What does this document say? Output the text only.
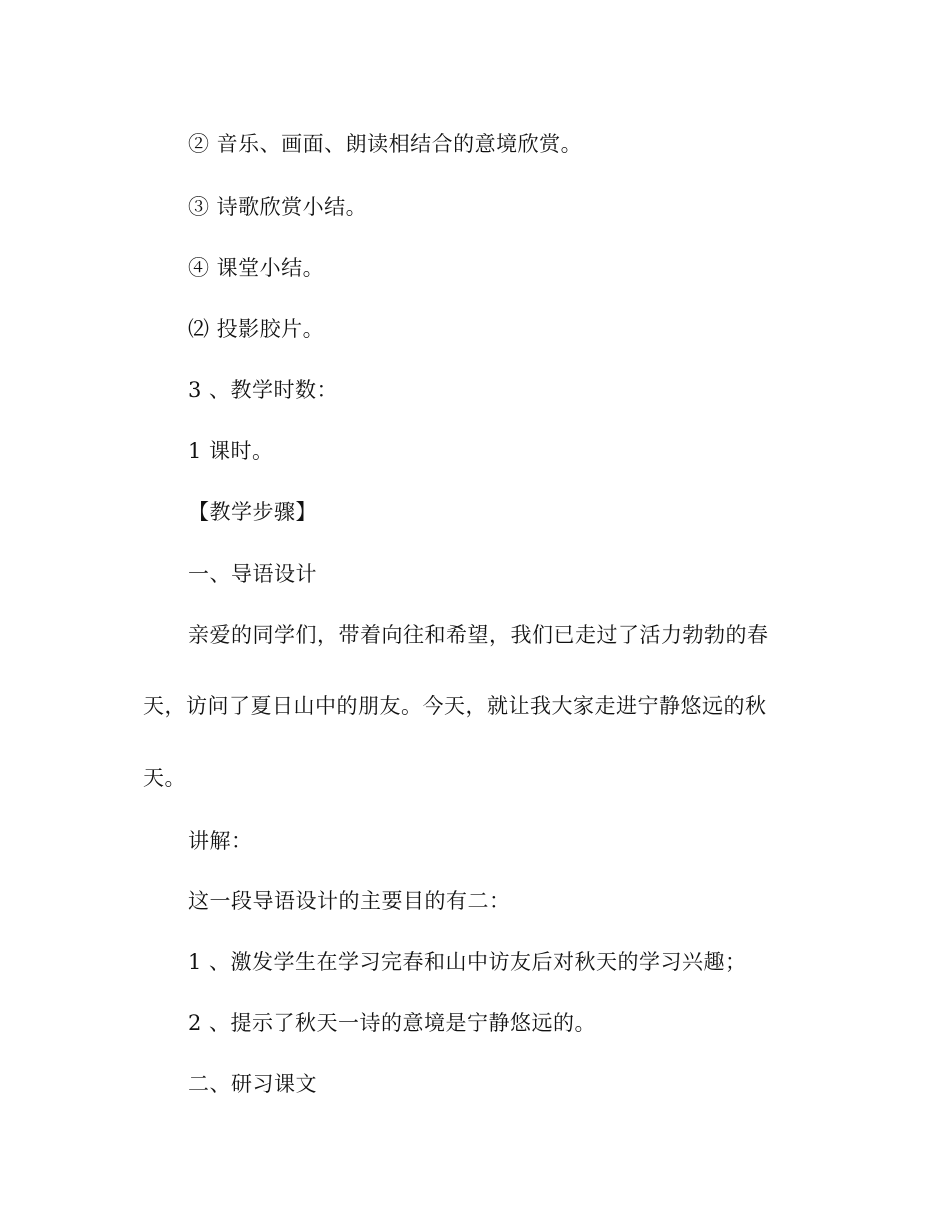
② 音乐、画面、朗读相结合的意境欣赏。
③ 诗歌欣赏小结。
④ 课堂小结。
⑵ 投影胶片。
3 、教学时数：
1 课时。
【教学步骤】
一、导语设计
亲爱的同学们，带着向往和希望，我们已走过了活力勃勃的春
天，访问了夏日山中的朋友。今天，就让我大家走进宁静悠远的秋
天。
讲解：
这一段导语设计的主要目的有二：
1 、激发学生在学习完春和山中访友后对秋天的学习兴趣；
2 、提示了秋天一诗的意境是宁静悠远的。
二、研习课文
